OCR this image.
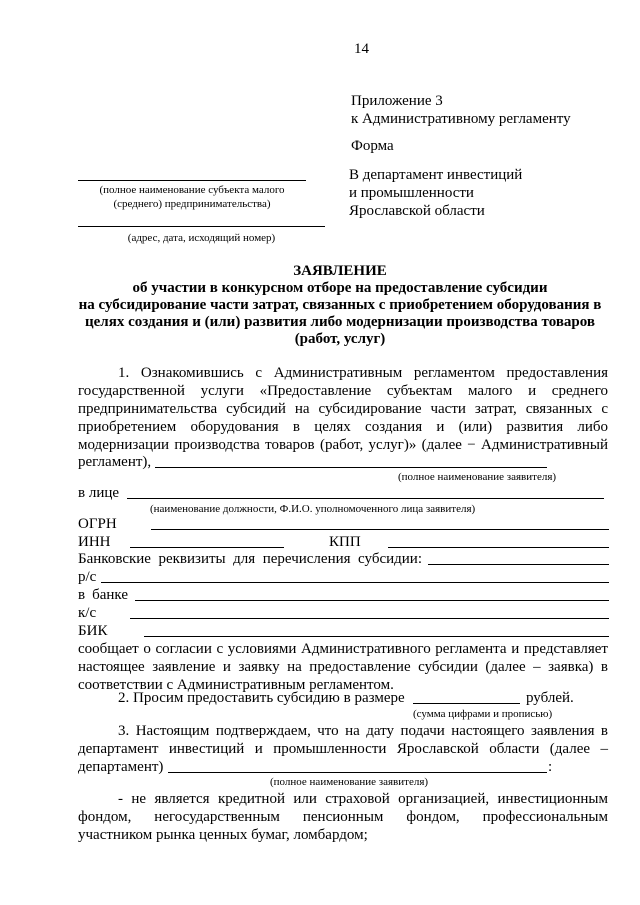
14
Приложение 3
к Административному регламенту
Форма
В департамент инвестиций
и промышленности
Ярославской области
(полное наименование субъекта малого
(среднего) предпринимательства)
(адрес, дата, исходящий номер)
ЗАЯВЛЕНИЕ
об участии в конкурсном отборе на предоставление субсидии
на субсидирование части затрат, связанных с приобретением оборудования в
целях создания и (или) развития либо модернизации производства товаров
(работ, услуг)
1. Ознакомившись с Административным регламентом предоставления
государственной услуги «Предоставление субъектам малого и среднего
предпринимательства субсидий на субсидирование части затрат, связанных с
приобретением оборудования в целях создания и (или) развития либо
модернизации производства товаров (работ, услуг)» (далее − Административный
регламент),
(полное наименование заявителя)
в лице
(наименование должности, Ф.И.О. уполномоченного лица заявителя)
ОГРН
ИНН	КПП
Банковские реквизиты для перечисления субсидии:
р/с
в банке
к/с
БИК
сообщает о согласии с условиями Административного регламента и представляет
настоящее заявление и заявку на предоставление субсидии (далее – заявка) в
соответствии с Административным регламентом.
2. Просим предоставить субсидию в размере	рублей.
(сумма цифрами и прописью)
3. Настоящим подтверждаем, что на дату подачи настоящего заявления в
департамент инвестиций и промышленности Ярославской области (далее –
департамент)	:
(полное наименование заявителя)
- не является кредитной или страховой организацией, инвестиционным
фондом, негосударственным пенсионным фондом, профессиональным
участником рынка ценных бумаг, ломбардом;
